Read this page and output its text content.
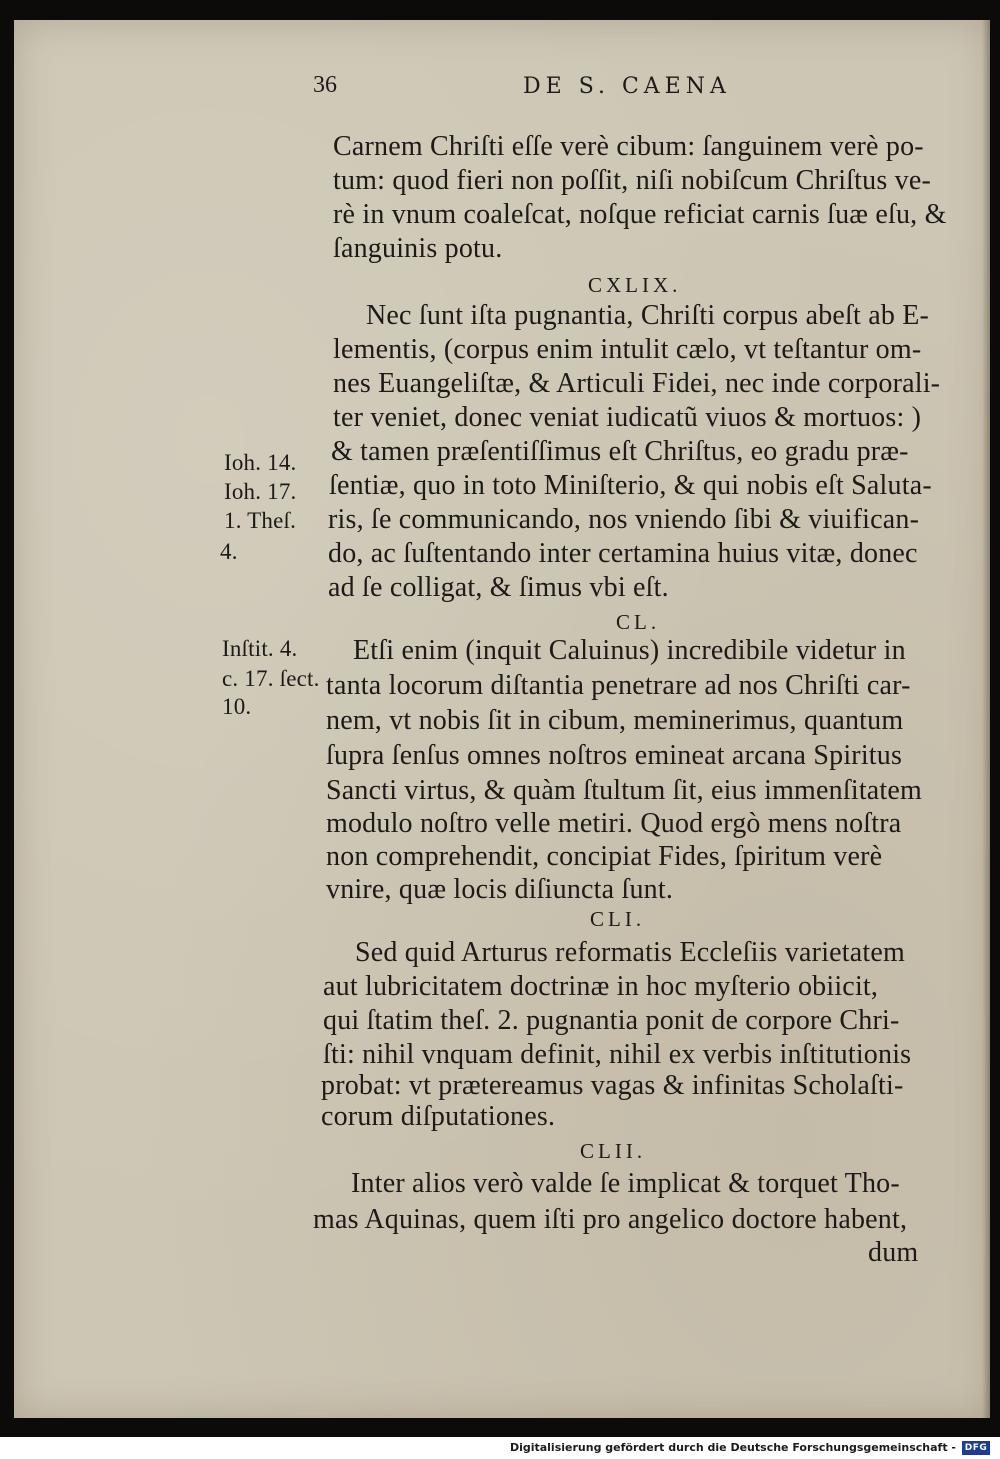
36	DE S. CAENA
Carnem Chriſti eſſe verè cibum: ſanguinem verè po-
tum: quod fieri non poſſit, niſi nobiſcum Chriſtus ve-
rè in vnum coaleſcat, noſque reficiat carnis ſuæ eſu, &
ſanguinis potu.
CXLIX.
Nec ſunt iſta pugnantia, Chriſti corpus abeſt ab E-
lementis, (corpus enim intulit cælo, vt teſtantur om-
nes Euangeliſtæ, & Articuli Fidei, nec inde corporali-
ter veniet, donec veniat iudicatũ viuos & mortuos: )
& tamen præſentiſſimus eſt Chriſtus, eo gradu præ-
ſentiæ, quo in toto Miniſterio, & qui nobis eſt Saluta-
ris, ſe communicando, nos vniendo ſibi & viuifican-
do, ac ſuſtentando inter certamina huius vitæ, donec
ad ſe colligat, & ſimus vbi eſt.
CL.
Etſi enim (inquit Caluinus) incredibile videtur in
tanta locorum diſtantia penetrare ad nos Chriſti car-
nem, vt nobis ſit in cibum, meminerimus, quantum
ſupra ſenſus omnes noſtros emineat arcana Spiritus
Sancti virtus, & quàm ſtultum ſit, eius immenſitatem
modulo noſtro velle metiri. Quod ergò mens noſtra
non comprehendit, concipiat Fides, ſpiritum verè
vnire, quæ locis diſiuncta ſunt.
CLI.
Sed quid Arturus reformatis Eccleſiis varietatem
aut lubricitatem doctrinæ in hoc myſterio obiicit,
qui ſtatim theſ. 2. pugnantia ponit de corpore Chri-
ſti: nihil vnquam definit, nihil ex verbis inſtitutionis
probat: vt prætereamus vagas & infinitas Scholaſti-
corum diſputationes.
CLII.
Inter alios verò valde ſe implicat & torquet Tho-
mas Aquinas, quem iſti pro angelico doctore habent,
dum
Ioh. 14.
Ioh. 17.
1. Theſ.
4.
Inſtit. 4.
c. 17. ſect.
10.
Digitalisierung gefördert durch die Deutsche Forschungsgemeinschaft - DFG
